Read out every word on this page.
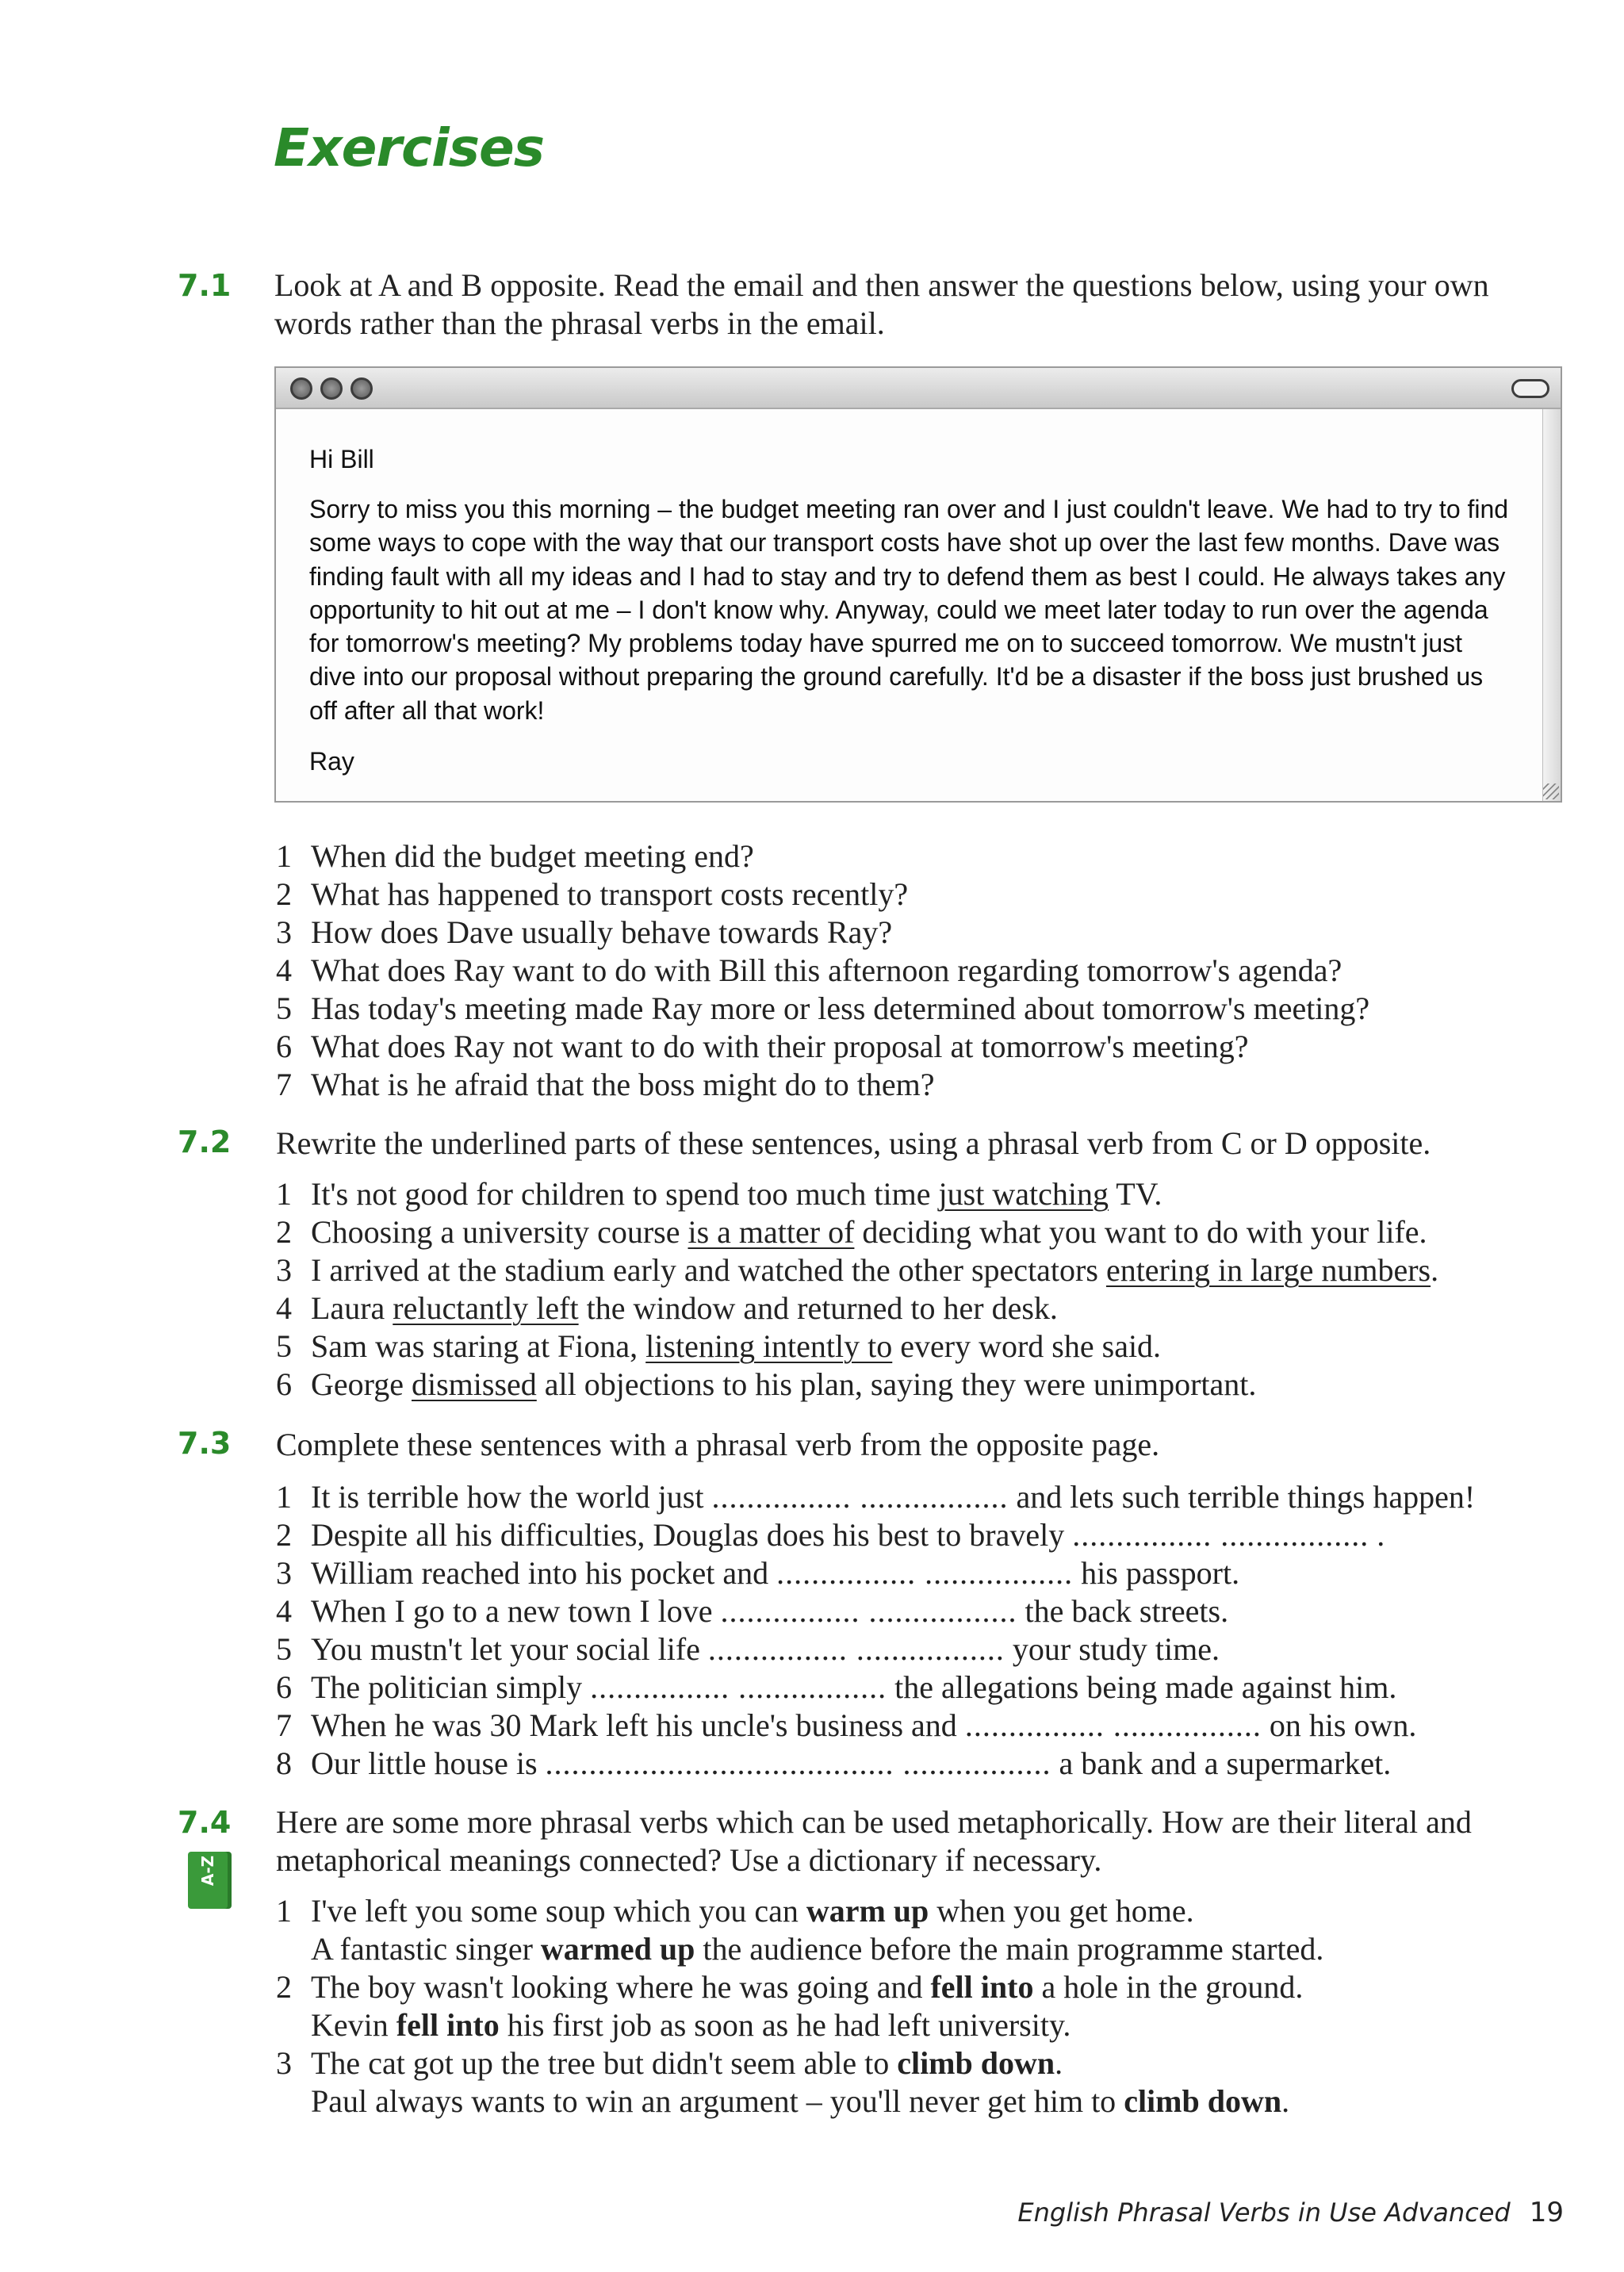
Exercises
7.1 Look at A and B opposite. Read the email and then answer the questions below, using your own words rather than the phrasal verbs in the email.
Hi Bill
Sorry to miss you this morning – the budget meeting ran over and I just couldn't leave. We had to try to find some ways to cope with the way that our transport costs have shot up over the last few months. Dave was finding fault with all my ideas and I had to stay and try to defend them as best I could. He always takes any opportunity to hit out at me – I don't know why. Anyway, could we meet later today to run over the agenda for tomorrow's meeting? My problems today have spurred me on to succeed tomorrow. We mustn't just dive into our proposal without preparing the ground carefully. It'd be a disaster if the boss just brushed us off after all that work!
Ray
1 When did the budget meeting end?
2 What has happened to transport costs recently?
3 How does Dave usually behave towards Ray?
4 What does Ray want to do with Bill this afternoon regarding tomorrow's agenda?
5 Has today's meeting made Ray more or less determined about tomorrow's meeting?
6 What does Ray not want to do with their proposal at tomorrow's meeting?
7 What is he afraid that the boss might do to them?
7.2 Rewrite the underlined parts of these sentences, using a phrasal verb from C or D opposite.
1 It's not good for children to spend too much time just watching TV.
2 Choosing a university course is a matter of deciding what you want to do with your life.
3 I arrived at the stadium early and watched the other spectators entering in large numbers.
4 Laura reluctantly left the window and returned to her desk.
5 Sam was staring at Fiona, listening intently to every word she said.
6 George dismissed all objections to his plan, saying they were unimportant.
7.3 Complete these sentences with a phrasal verb from the opposite page.
1 It is terrible how the world just ................ ................. and lets such terrible things happen!
2 Despite all his difficulties, Douglas does his best to bravely ................ ................. .
3 William reached into his pocket and ................ ................. his passport.
4 When I go to a new town I love ................ ................. the back streets.
5 You mustn't let your social life ................ ................. your study time.
6 The politician simply ................ ................. the allegations being made against him.
7 When he was 30 Mark left his uncle's business and ................ ................. on his own.
8 Our little house is ........................................ ................. a bank and a supermarket.
7.4
A-Z
Here are some more phrasal verbs which can be used metaphorically. How are their literal and metaphorical meanings connected? Use a dictionary if necessary.
1 I've left you some soup which you can warm up when you get home.
A fantastic singer warmed up the audience before the main programme started.
2 The boy wasn't looking where he was going and fell into a hole in the ground.
Kevin fell into his first job as soon as he had left university.
3 The cat got up the tree but didn't seem able to climb down.
Paul always wants to win an argument – you'll never get him to climb down.
English Phrasal Verbs in Use Advanced 19
